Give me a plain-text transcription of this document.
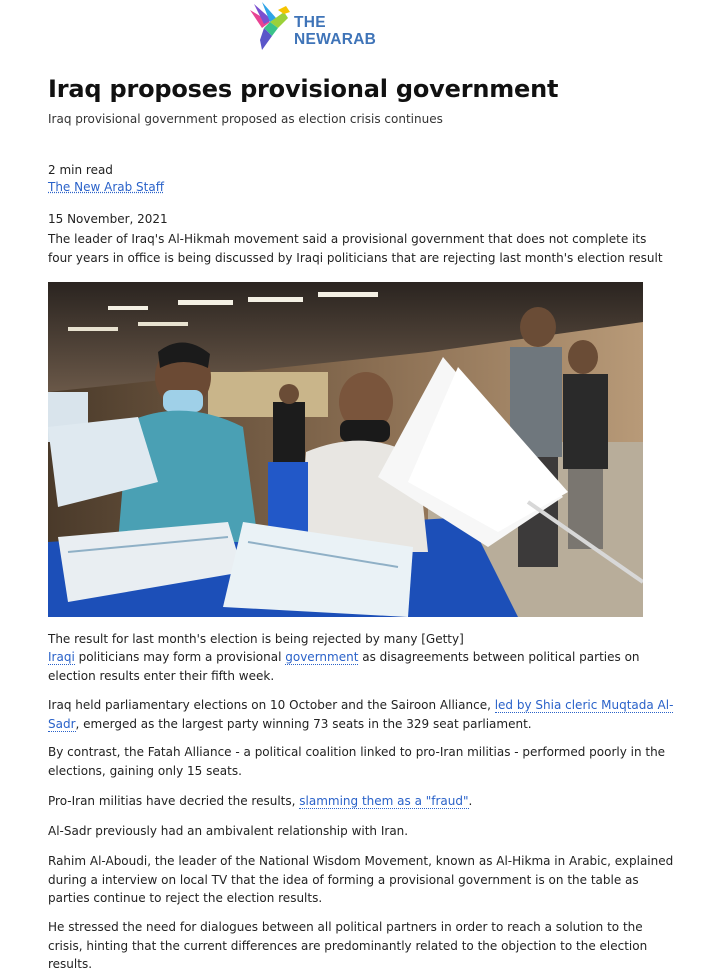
THE
NEWARAB
Iraq proposes provisional government
Iraq provisional government proposed as election crisis continues
2 min read
The New Arab Staff
15 November, 2021
The leader of Iraq's Al-Hikmah movement said a provisional government that does not complete its four years in office is being discussed by Iraqi politicians that are rejecting last month's election result
The result for last month's election is being rejected by many [Getty]

Iraqi politicians may form a provisional government as disagreements between political parties on election results enter their fifth week.

Iraq held parliamentary elections on 10 October and the Sairoon Alliance, led by Shia cleric Muqtada Al-Sadr, emerged as the largest party winning 73 seats in the 329 seat parliament.

By contrast, the Fatah Alliance - a political coalition linked to pro-Iran militias - performed poorly in the elections, gaining only 15 seats.

Pro-Iran militias have decried the results, slamming them as a "fraud".

Al-Sadr previously had an ambivalent relationship with Iran.

Rahim Al-Aboudi, the leader of the National Wisdom Movement, known as Al-Hikma in Arabic, explained during a interview on local TV that the idea of forming a provisional government is on the table as parties continue to reject the election results.

He stressed the need for dialogues between all political partners in order to reach a solution to the crisis, hinting that the current differences are predominantly related to the objection to the election results.
